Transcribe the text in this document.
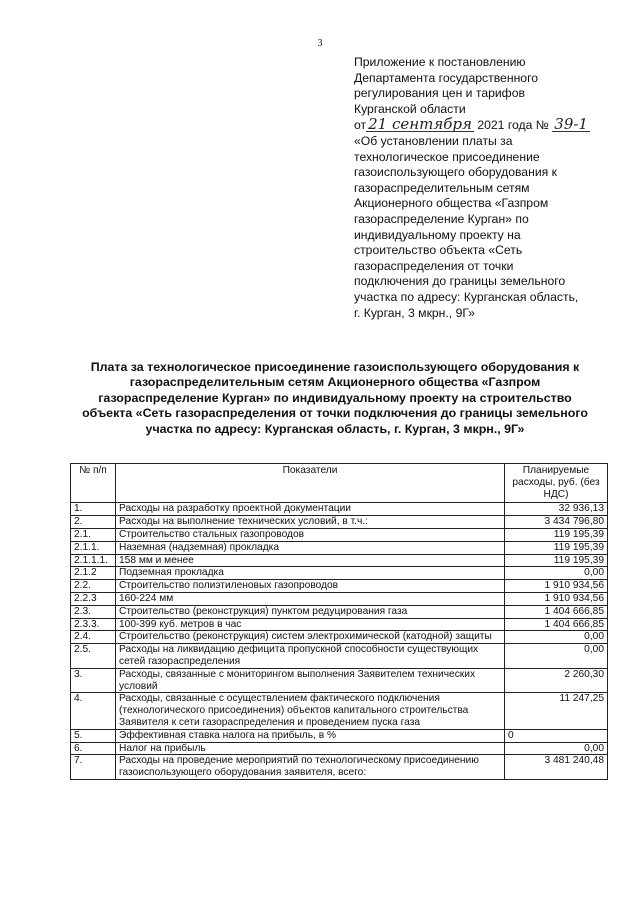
3
Приложение к постановлению
Департамента государственного
регулирования цен и тарифов
Курганской области
от 21 сентября 2021 года № 39-1
«Об установлении платы за
технологическое присоединение
газоиспользующего оборудования к
газораспределительным сетям
Акционерного общества «Газпром
газораспределение Курган» по
индивидуальному проекту на
строительство объекта «Сеть
газораспределения от точки
подключения до границы земельного
участка по адресу: Курганская область,
г. Курган, 3 мкрн., 9Г»
Плата за технологическое присоединение газоиспользующего оборудования к
газораспределительным сетям Акционерного общества «Газпром
газораспределение Курган» по индивидуальному проекту на строительство
объекта «Сеть газораспределения от точки подключения до границы земельного
участка по адресу: Курганская область, г. Курган, 3 мкрн., 9Г»
№ п/п	Показатели	Планируемые расходы, руб. (без НДС)
1.	Расходы на разработку проектной документации	32 936,13
2.	Расходы на выполнение технических условий, в т.ч.:	3 434 796,80
2.1.	Строительство стальных газопроводов	119 195,39
2.1.1.	Наземная (надземная) прокладка	119 195,39
2.1.1.1.	158 мм и менее	119 195,39
2.1.2	Подземная прокладка	0,00
2.2.	Строительство полиэтиленовых газопроводов	1 910 934,56
2.2.3	160-224 мм	1 910 934,56
2.3.	Строительство (реконструкция) пунктом редуцирования газа	1 404 666,85
2.3.3.	100-399 куб. метров в час	1 404 666,85
2.4.	Строительство (реконструкция) систем электрохимической (катодной) защиты	0,00
2.5.	Расходы на ликвидацию дефицита пропускной способности существующих сетей газораспределения	0,00
3.	Расходы, связанные с мониторингом выполнения Заявителем технических условий	2 260,30
4.	Расходы, связанные с осуществлением фактического подключения (технологического присоединения) объектов капитального строительства Заявителя к сети газораспределения и проведением пуска газа	11 247,25
5.	Эффективная ставка налога на прибыль, в %	0
6.	Налог на прибыль	0,00
7.	Расходы на проведение мероприятий по технологическому присоединению газоиспользующего оборудования заявителя, всего:	3 481 240,48
